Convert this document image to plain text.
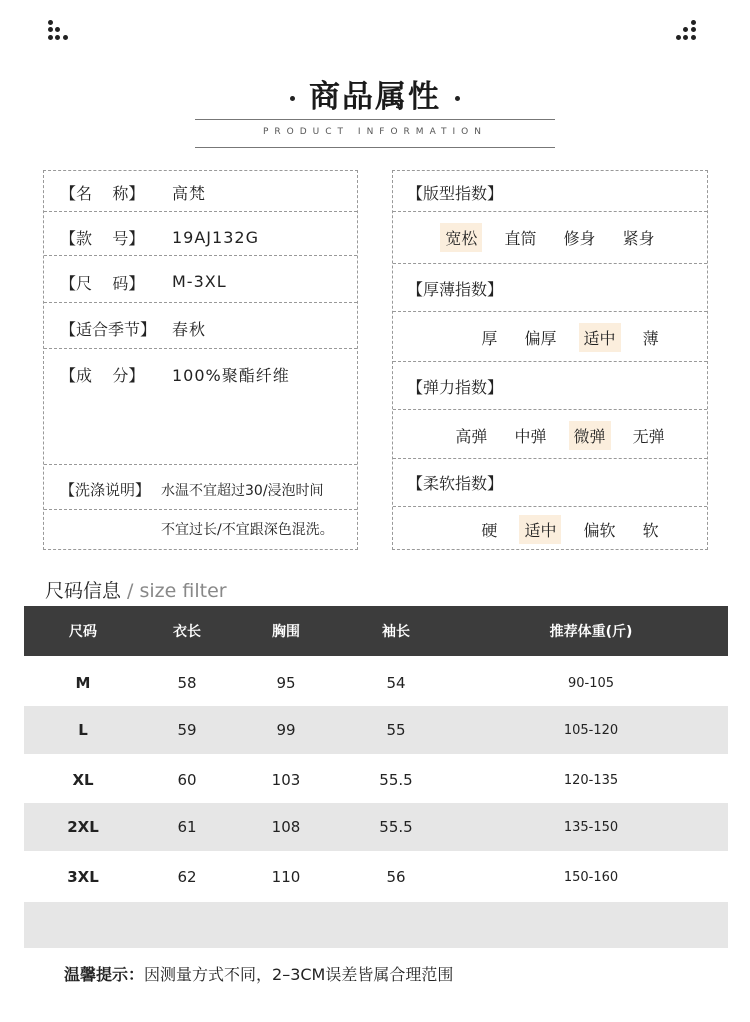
商品属性
PRODUCT INFORMATION
【名    称】 高梵
【款    号】 19AJ132G
【尺    码】 M-3XL
【适合季节】 春秋
【成    分】 100%聚酯纤维
【洗涤说明】 水温不宜超过30/浸泡时间
不宜过长/不宜跟深色混洗。
【版型指数】
宽松 直筒 修身 紧身
【厚薄指数】
厚 偏厚 适中 薄
【弹力指数】
高弹 中弹 微弹 无弹
【柔软指数】
硬 适中 偏软 软
尺码信息 / size filter
尺码	衣长	胸围	袖长	推荐体重(斤)
M	58	95	54	90-105
L	59	99	55	105-120
XL	60	103	55.5	120-135
2XL	61	108	55.5	135-150
3XL	62	110	56	150-160
温馨提示：因测量方式不同，2–3CM误差皆属合理范围
